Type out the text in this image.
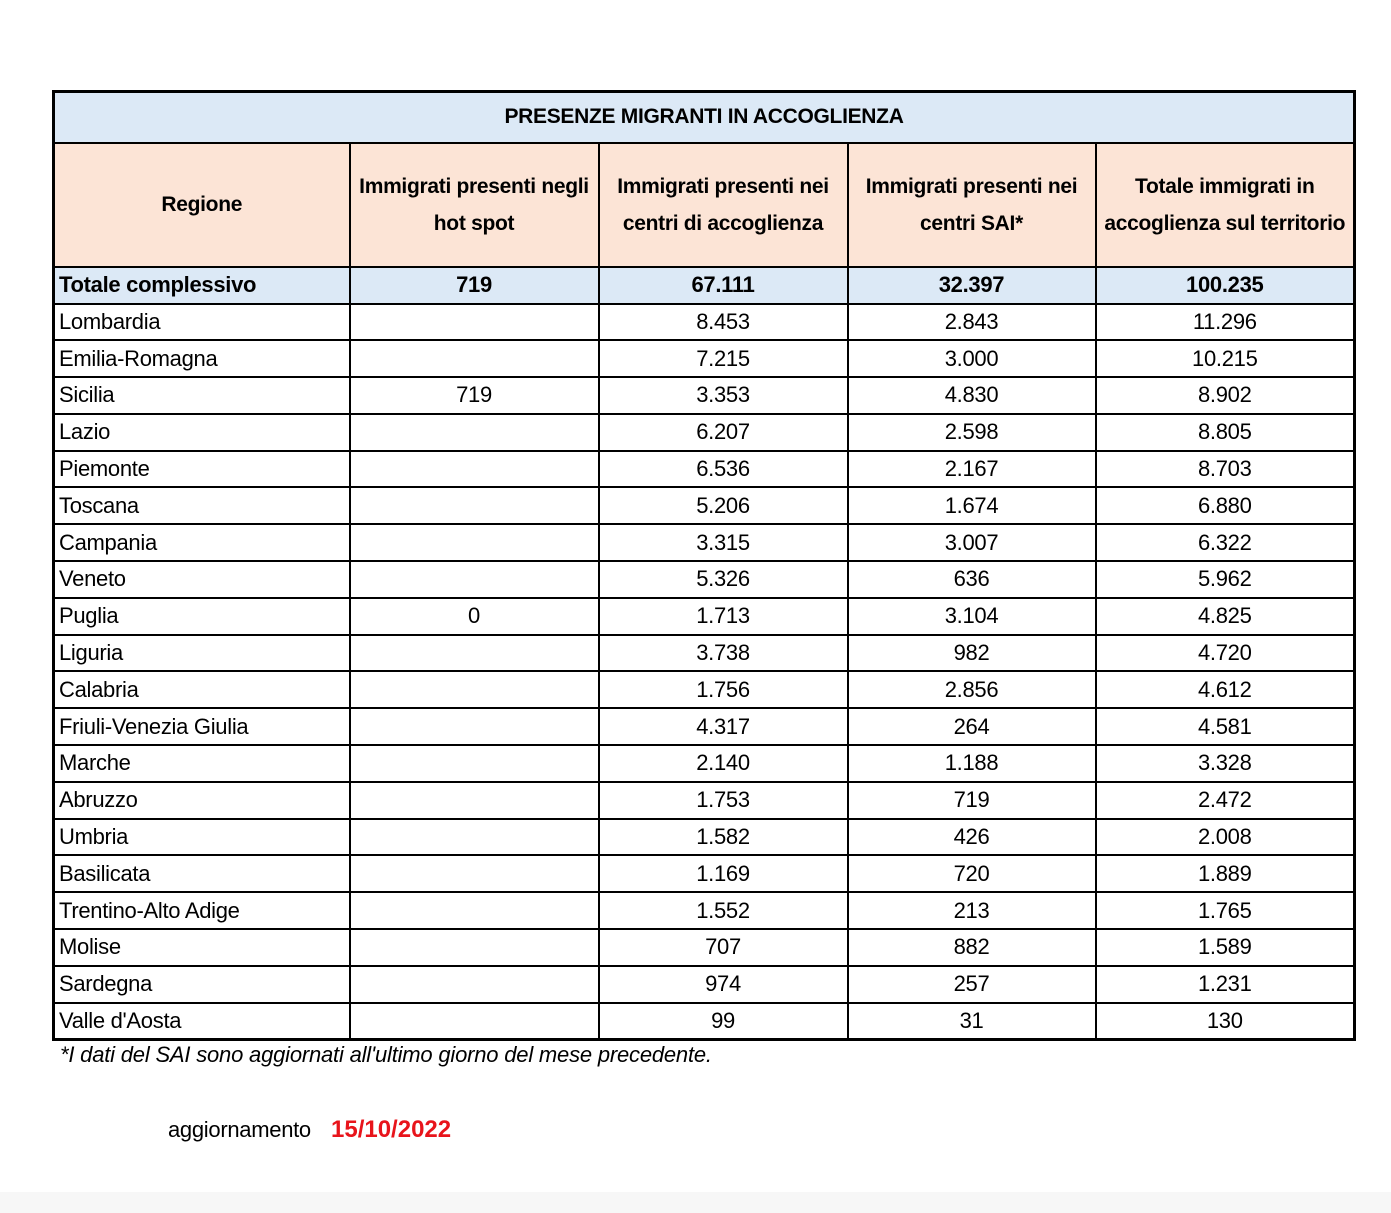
PRESENZE MIGRANTI IN ACCOGLIENZA				
Regione	Immigrati presenti negli hot spot	Immigrati presenti nei centri di accoglienza	Immigrati presenti nei centri SAI*	Totale immigrati in accoglienza sul territorio
Totale complessivo	719	67.111	32.397	100.235
Lombardia		8.453	2.843	11.296
Emilia-Romagna		7.215	3.000	10.215
Sicilia	719	3.353	4.830	8.902
Lazio		6.207	2.598	8.805
Piemonte		6.536	2.167	8.703
Toscana		5.206	1.674	6.880
Campania		3.315	3.007	6.322
Veneto		5.326	636	5.962
Puglia	0	1.713	3.104	4.825
Liguria		3.738	982	4.720
Calabria		1.756	2.856	4.612
Friuli-Venezia Giulia		4.317	264	4.581
Marche		2.140	1.188	3.328
Abruzzo		1.753	719	2.472
Umbria		1.582	426	2.008
Basilicata		1.169	720	1.889
Trentino-Alto Adige		1.552	213	1.765
Molise		707	882	1.589
Sardegna		974	257	1.231
Valle d'Aosta		99	31	130
*I dati del SAI sono aggiornati all'ultimo giorno del mese precedente.
aggiornamento 15/10/2022
